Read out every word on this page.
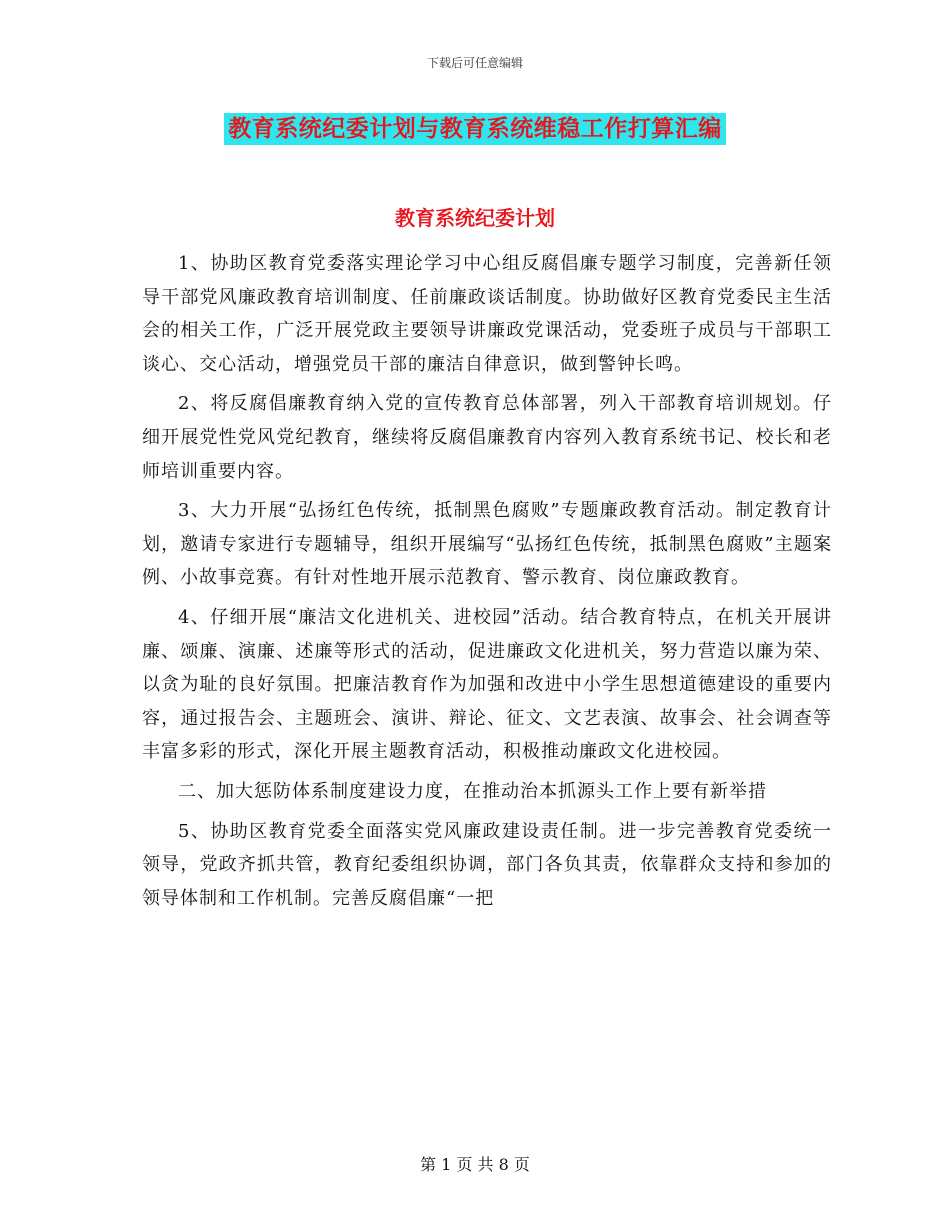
下载后可任意编辑
教育系统纪委计划与教育系统维稳工作打算汇编
教育系统纪委计划

1、协助区教育党委落实理论学习中心组反腐倡廉专题学习制度，完善新任领导干部党风廉政教育培训制度、任前廉政谈话制度。协助做好区教育党委民主生活会的相关工作，广泛开展党政主要领导讲廉政党课活动，党委班子成员与干部职工谈心、交心活动，增强党员干部的廉洁自律意识，做到警钟长鸣。

2、将反腐倡廉教育纳入党的宣传教育总体部署，列入干部教育培训规划。仔细开展党性党风党纪教育，继续将反腐倡廉教育内容列入教育系统书记、校长和老师培训重要内容。

3、大力开展“弘扬红色传统，抵制黑色腐败”专题廉政教育活动。制定教育计划，邀请专家进行专题辅导，组织开展编写“弘扬红色传统，抵制黑色腐败”主题案例、小故事竞赛。有针对性地开展示范教育、警示教育、岗位廉政教育。

4、仔细开展“廉洁文化进机关、进校园”活动。结合教育特点，在机关开展讲廉、颂廉、演廉、述廉等形式的活动，促进廉政文化进机关，努力营造以廉为荣、以贪为耻的良好氛围。把廉洁教育作为加强和改进中小学生思想道德建设的重要内容，通过报告会、主题班会、演讲、辩论、征文、文艺表演、故事会、社会调查等丰富多彩的形式，深化开展主题教育活动，积极推动廉政文化进校园。

二、加大惩防体系制度建设力度，在推动治本抓源头工作上要有新举措

5、协助区教育党委全面落实党风廉政建设责任制。进一步完善教育党委统一领导，党政齐抓共管，教育纪委组织协调，部门各负其责，依靠群众支持和参加的领导体制和工作机制。完善反腐倡廉“一把

第 1 页 共 8 页
